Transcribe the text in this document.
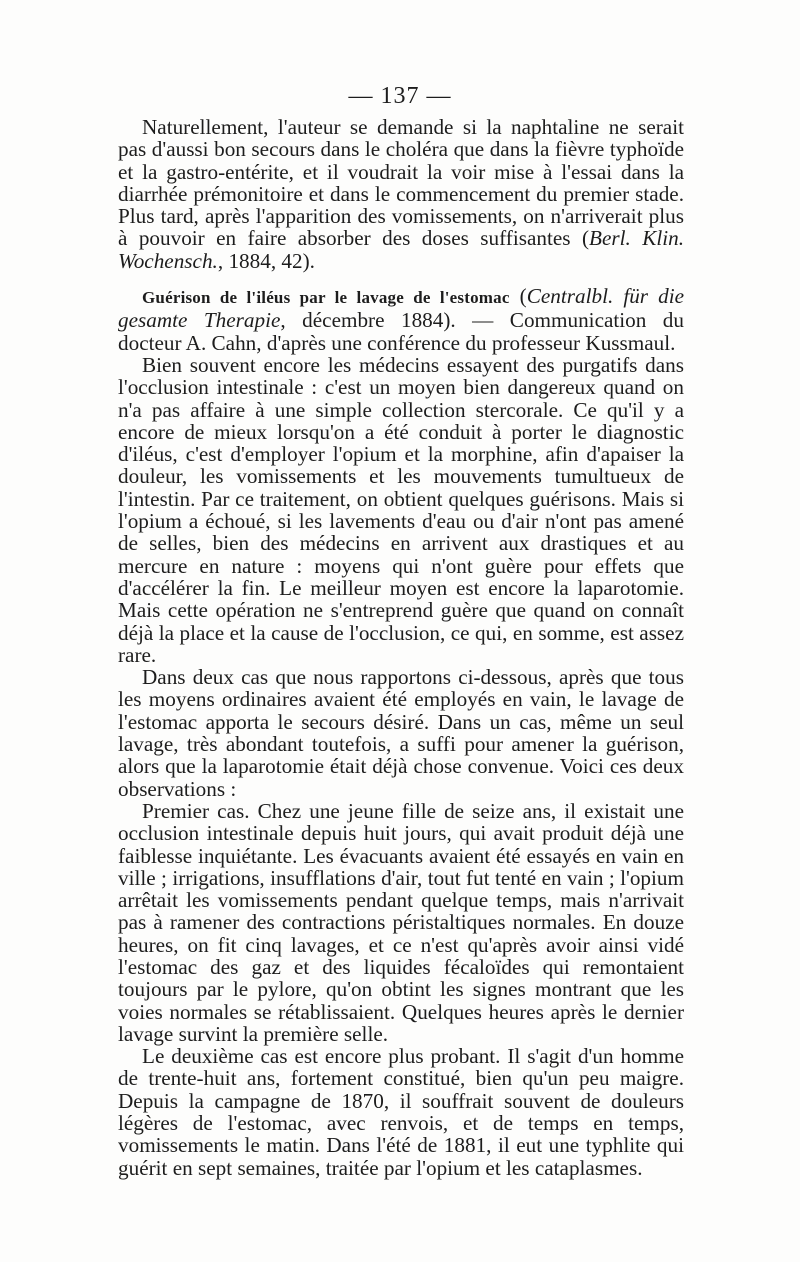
— 137 —

Naturellement, l'auteur se demande si la naphtaline ne serait pas d'aussi bon secours dans le choléra que dans la fièvre typhoïde et la gastro-entérite, et il voudrait la voir mise à l'essai dans la diarrhée prémonitoire et dans le commencement du premier stade. Plus tard, après l'apparition des vomissements, on n'arriverait plus à pouvoir en faire absorber des doses suffisantes (Berl. Klin. Wochensch., 1884, 42).

Guérison de l'iléus par le lavage de l'estomac (Centralbl. für die gesamte Therapie, décembre 1884). — Communication du docteur A. Cahn, d'après une conférence du professeur Kussmaul.

Bien souvent encore les médecins essayent des purgatifs dans l'occlusion intestinale : c'est un moyen bien dangereux quand on n'a pas affaire à une simple collection stercorale. Ce qu'il y a encore de mieux lorsqu'on a été conduit à porter le diagnostic d'iléus, c'est d'employer l'opium et la morphine, afin d'apaiser la douleur, les vomissements et les mouvements tumultueux de l'intestin. Par ce traitement, on obtient quelques guérisons. Mais si l'opium a échoué, si les lavements d'eau ou d'air n'ont pas amené de selles, bien des médecins en arrivent aux drastiques et au mercure en nature : moyens qui n'ont guère pour effets que d'accélérer la fin. Le meilleur moyen est encore la laparotomie. Mais cette opération ne s'entreprend guère que quand on connaît déjà la place et la cause de l'occlusion, ce qui, en somme, est assez rare.

Dans deux cas que nous rapportons ci-dessous, après que tous les moyens ordinaires avaient été employés en vain, le lavage de l'estomac apporta le secours désiré. Dans un cas, même un seul lavage, très abondant toutefois, a suffi pour amener la guérison, alors que la laparotomie était déjà chose convenue. Voici ces deux observations :

Premier cas. Chez une jeune fille de seize ans, il existait une occlusion intestinale depuis huit jours, qui avait produit déjà une faiblesse inquiétante. Les évacuants avaient été essayés en vain en ville ; irrigations, insufflations d'air, tout fut tenté en vain ; l'opium arrêtait les vomissements pendant quelque temps, mais n'arrivait pas à ramener des contractions péristaltiques normales. En douze heures, on fit cinq lavages, et ce n'est qu'après avoir ainsi vidé l'estomac des gaz et des liquides fécaloïdes qui remontaient toujours par le pylore, qu'on obtint les signes montrant que les voies normales se rétablissaient. Quelques heures après le dernier lavage survint la première selle.

Le deuxième cas est encore plus probant. Il s'agit d'un homme de trente-huit ans, fortement constitué, bien qu'un peu maigre. Depuis la campagne de 1870, il souffrait souvent de douleurs légères de l'estomac, avec renvois, et de temps en temps, vomissements le matin. Dans l'été de 1881, il eut une typhlite qui guérit en sept semaines, traitée par l'opium et les cataplasmes.
